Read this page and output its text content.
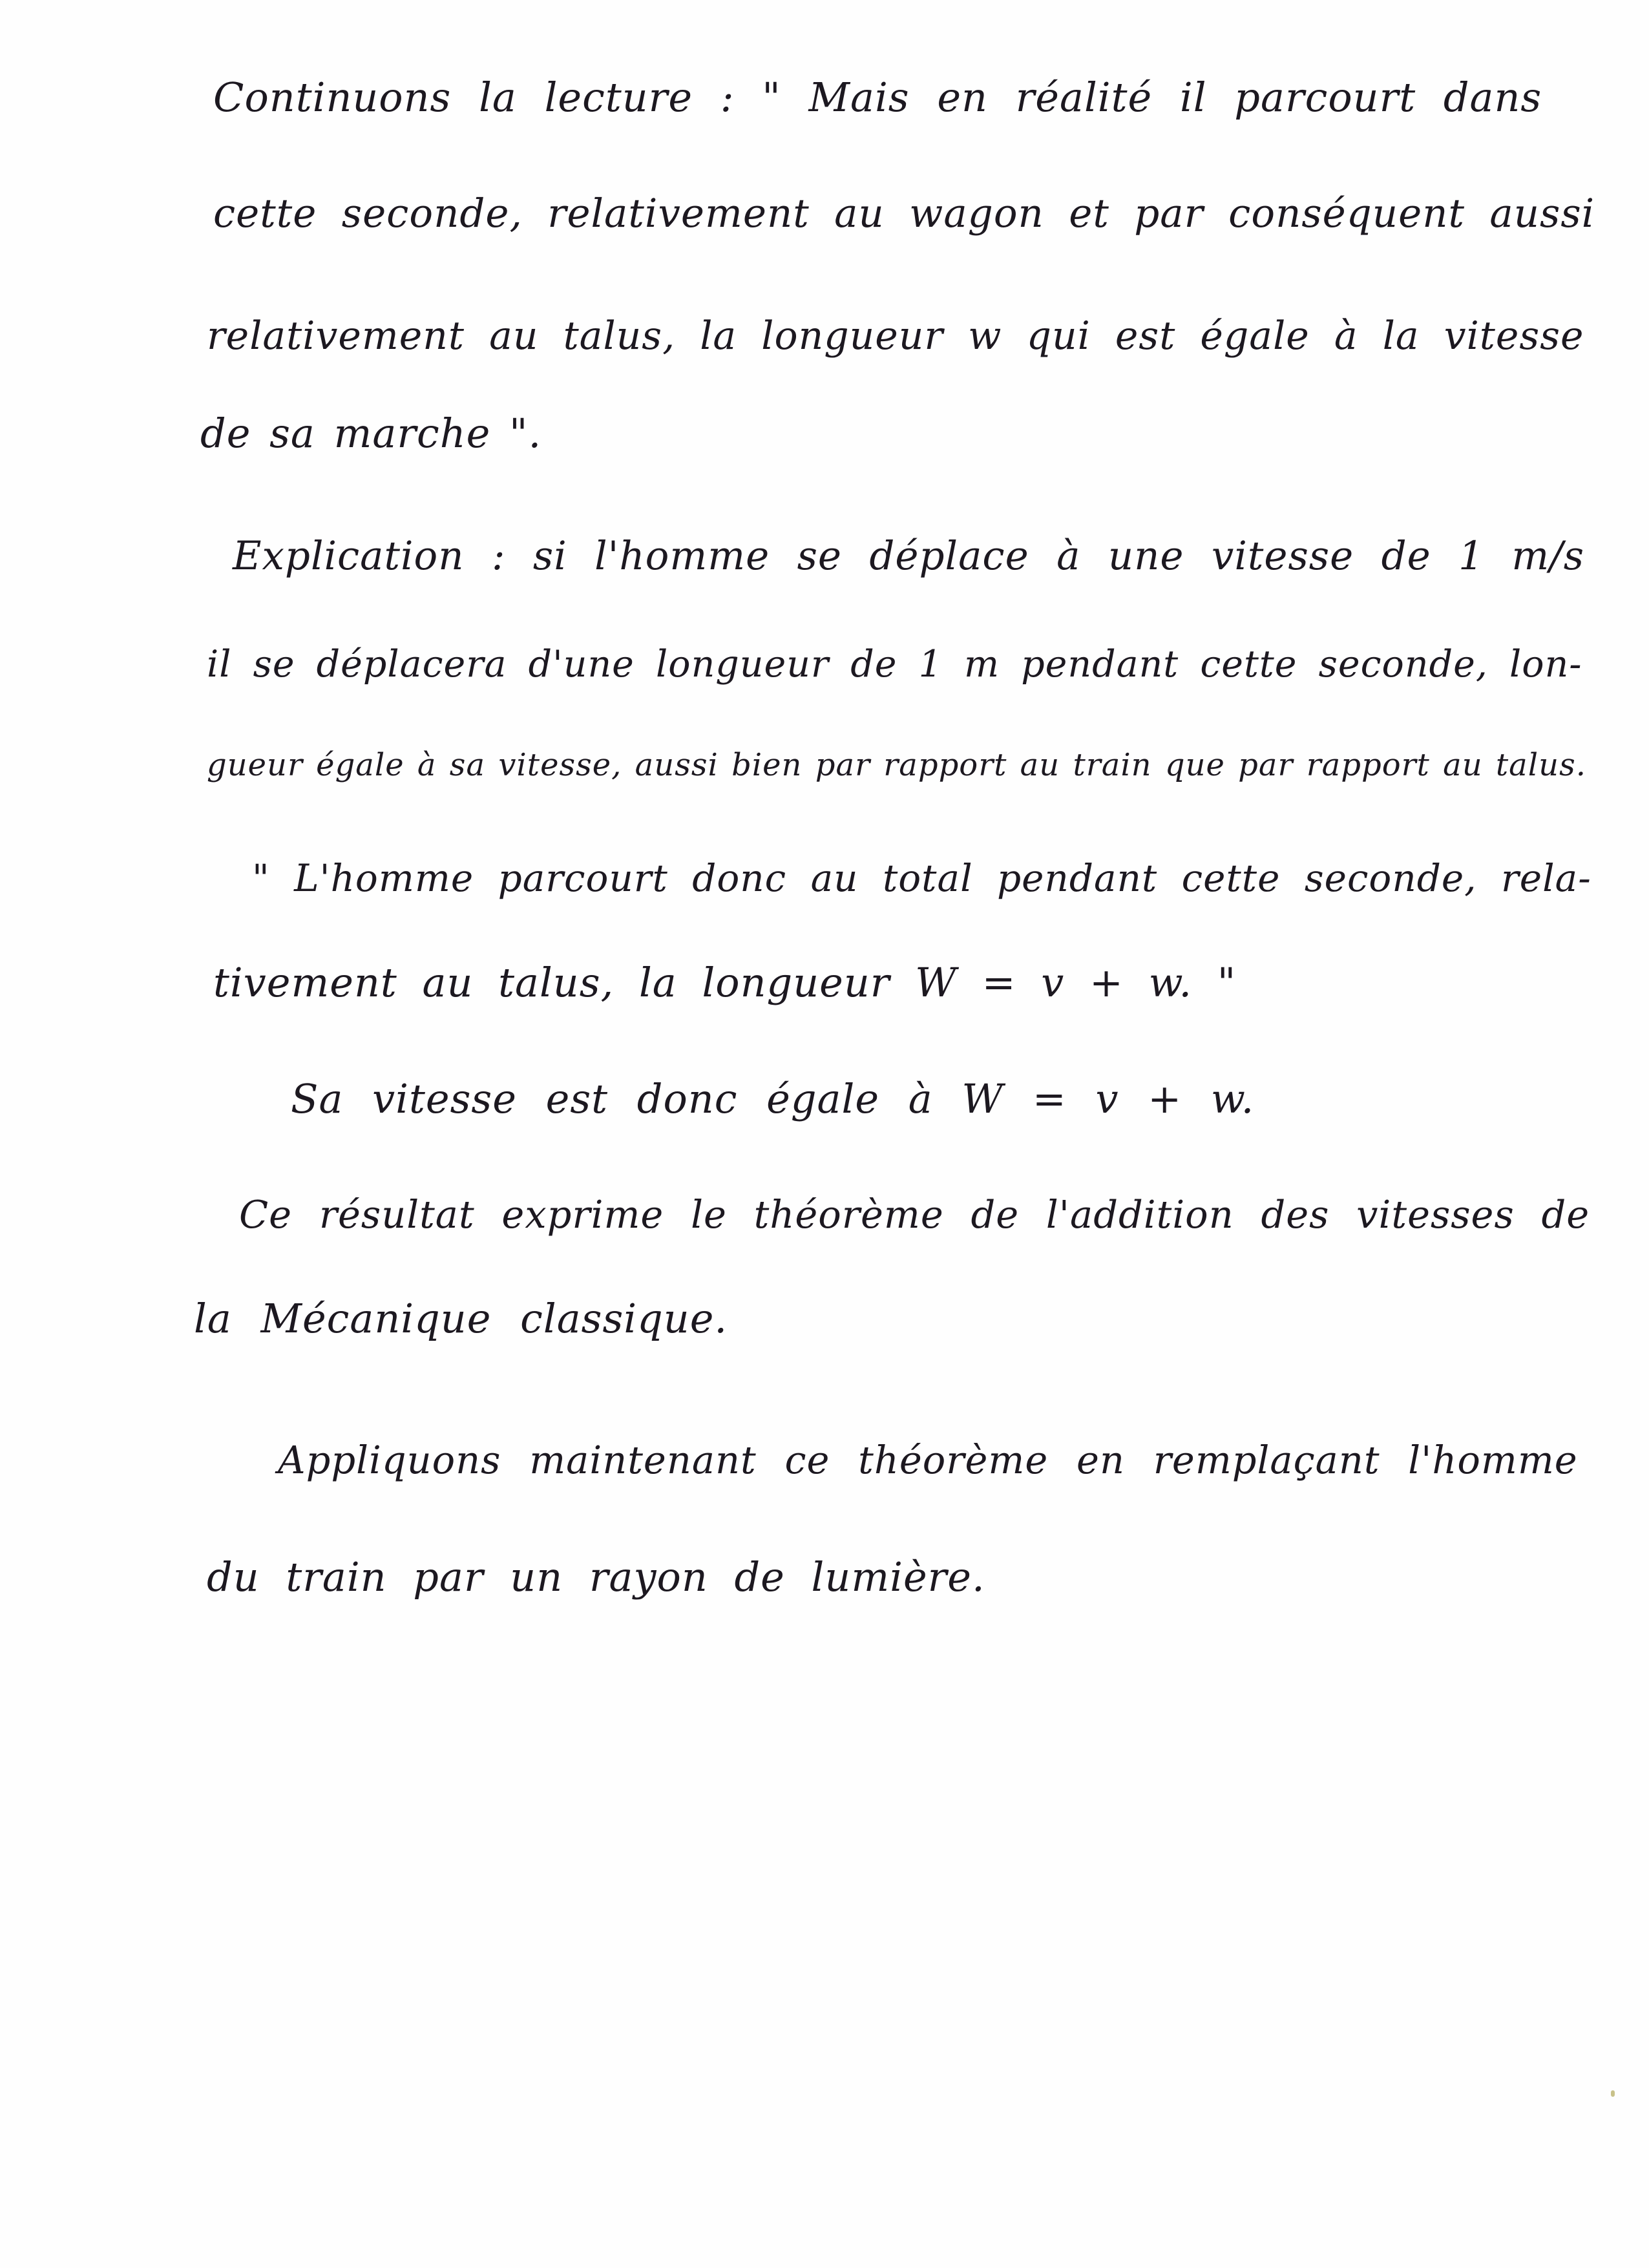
Continuons la lecture : " Mais en réalité il parcourt dans
cette seconde, relativement au wagon et par conséquent aussi
relativement au talus, la longueur w qui est égale à la vitesse
de sa marche ".
Explication : si l'homme se déplace à une vitesse de 1 m/s
il se déplacera d'une longueur de 1 m pendant cette seconde, lon-
gueur égale à sa vitesse, aussi bien par rapport au train que par rapport au talus.
" L'homme parcourt donc au total pendant cette seconde, rela-
tivement au talus, la longueur W = v + w. "
Sa vitesse est donc égale à W = v + w.
Ce résultat exprime le théorème de l'addition des vitesses de
la Mécanique classique.
Appliquons maintenant ce théorème en remplaçant l'homme
du train par un rayon de lumière.
